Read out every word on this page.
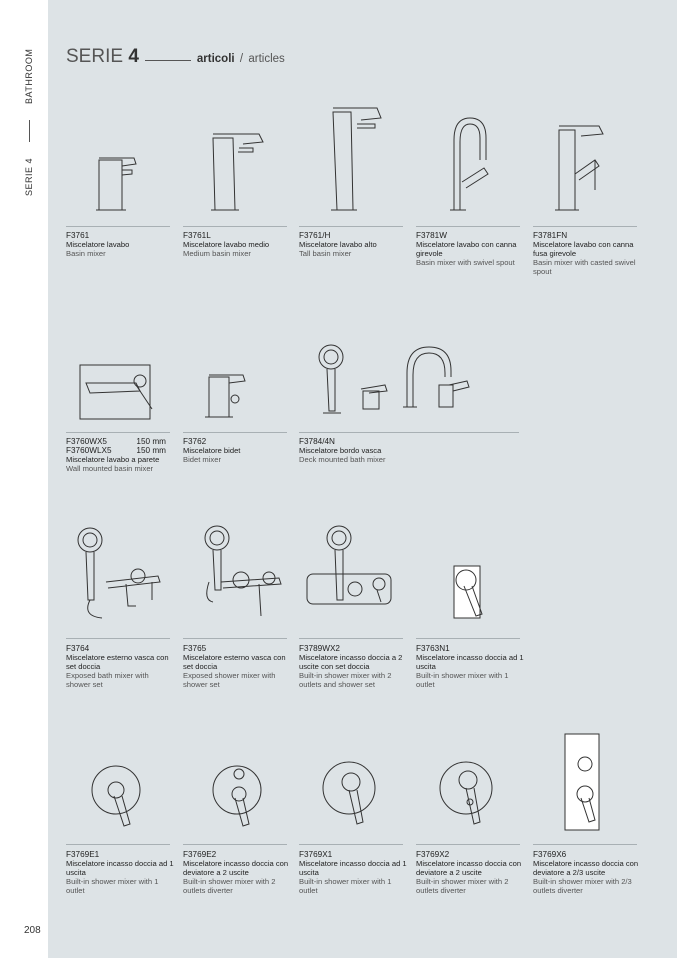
BATHROOM
SERIE 4
208
SERIE 4	articoli / articles
F3761
Miscelatore lavabo
Basin mixer
F3761L
Miscelatore lavabo medio
Medium basin mixer
F3761/H
Miscelatore lavabo alto
Tall basin mixer
F3781W
Miscelatore lavabo con canna girevole
Basin mixer with swivel spout
F3781FN
Miscelatore lavabo con canna fusa girevole
Basin mixer with casted swivel spout
F3760WX5	150 mm
F3760WLX5	150 mm
Miscelatore lavabo a parete
Wall mounted basin mixer
F3762
Miscelatore bidet
Bidet mixer
F3784/4N
Miscelatore bordo vasca
Deck mounted bath mixer
F3764
Miscelatore esterno vasca con set doccia
Exposed bath mixer with shower set
F3765
Miscelatore esterno vasca con set doccia
Exposed shower mixer with shower set
F3789WX2
Miscelatore incasso doccia a 2 uscite con set doccia
Built-in shower mixer with 2 outlets and shower set
F3763N1
Miscelatore incasso doccia ad 1 uscita
Built-in shower mixer with 1 outlet
F3769E1
Miscelatore incasso doccia ad 1 uscita
Built-in shower mixer with 1 outlet
F3769E2
Miscelatore incasso doccia con deviatore a 2 uscite
Built-in shower mixer with 2 outlets diverter
F3769X1
Miscelatore incasso doccia ad 1 uscita
Built-in shower mixer with 1 outlet
F3769X2
Miscelatore incasso doccia con deviatore a 2 uscite
Built-in shower mixer with 2 outlets diverter
F3769X6
Miscelatore incasso doccia con deviatore a 2/3 uscite
Built-in shower mixer with 2/3 outlets diverter
